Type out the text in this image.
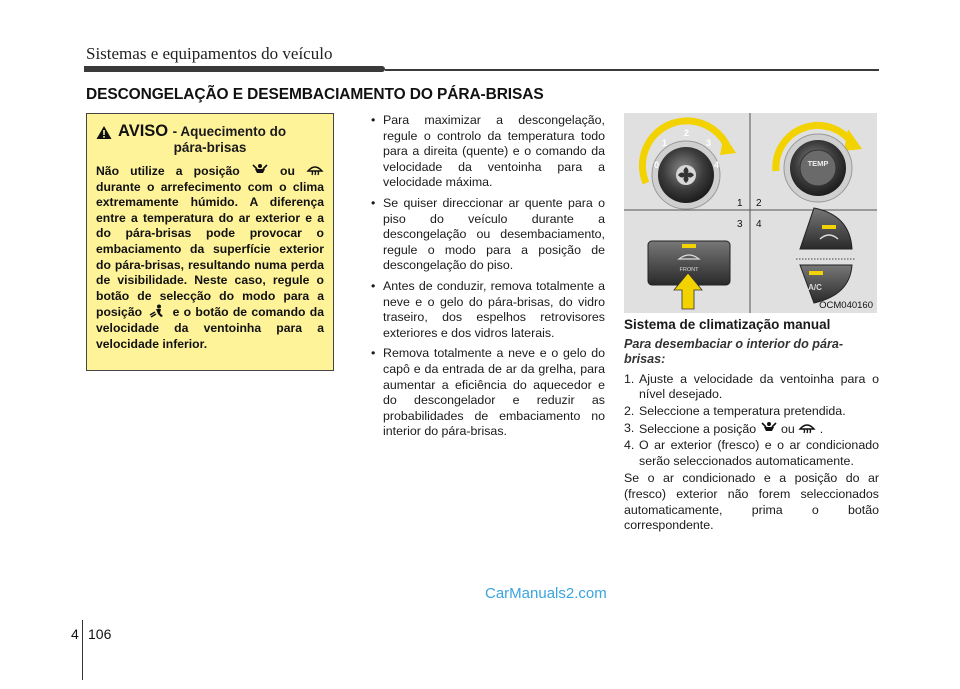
Sistemas e equipamentos do veículo
DESCONGELAÇÃO E DESEMBACIAMENTO DO PÁRA-BRISAS
AVISO - Aquecimento do
pára-brisas
Não utilize a posição	ou  durante o arrefecimento com o clima extremamente húmido. A diferença entre a temperatura do ar exterior e a do pára-brisas pode provocar o embaciamento da superfície exterior do pára-brisas, resultando numa perda de visibilidade. Neste caso, regule o botão de selecção do modo para a posição	e o botão de comando da velocidade da ventoinha para a velocidade inferior.
• Para maximizar a descongelação, regule o controlo da temperatura todo para a direita (quente) e o comando da velocidade da ventoinha para a velocidade máxima.
• Se quiser direccionar ar quente para o piso do veículo durante a descongelação ou desembaciamento, regule o modo para a posição de descongelação do piso.
• Antes de conduzir, remova totalmente a neve e o gelo do pára-brisas, do vidro traseiro, dos espelhos retrovisores exteriores e dos vidros laterais.
• Remova totalmente a neve e o gelo do capô e da entrada de ar da grelha, para aumentar a eficiência do aquecedor e do descongelador e reduzir as probabilidades de embaciamento no interior do pára-brisas.
0
1
2
3
4	TEMP
1 2
3 4
FRONT
A/C
OCM040160
Sistema de climatização manual
Para desembaciar o interior do pára-brisas:
1. Ajuste a velocidade da ventoinha para o nível desejado.
2. Seleccione a temperatura pretendida.
3. Seleccione a posição ou .
4. O ar exterior (fresco) e o ar condicionado serão seleccionados automaticamente.
Se o ar condicionado e a posição do ar (fresco) exterior não forem seleccionados automaticamente, prima o botão correspondente.
CarManuals2.com
4 106
